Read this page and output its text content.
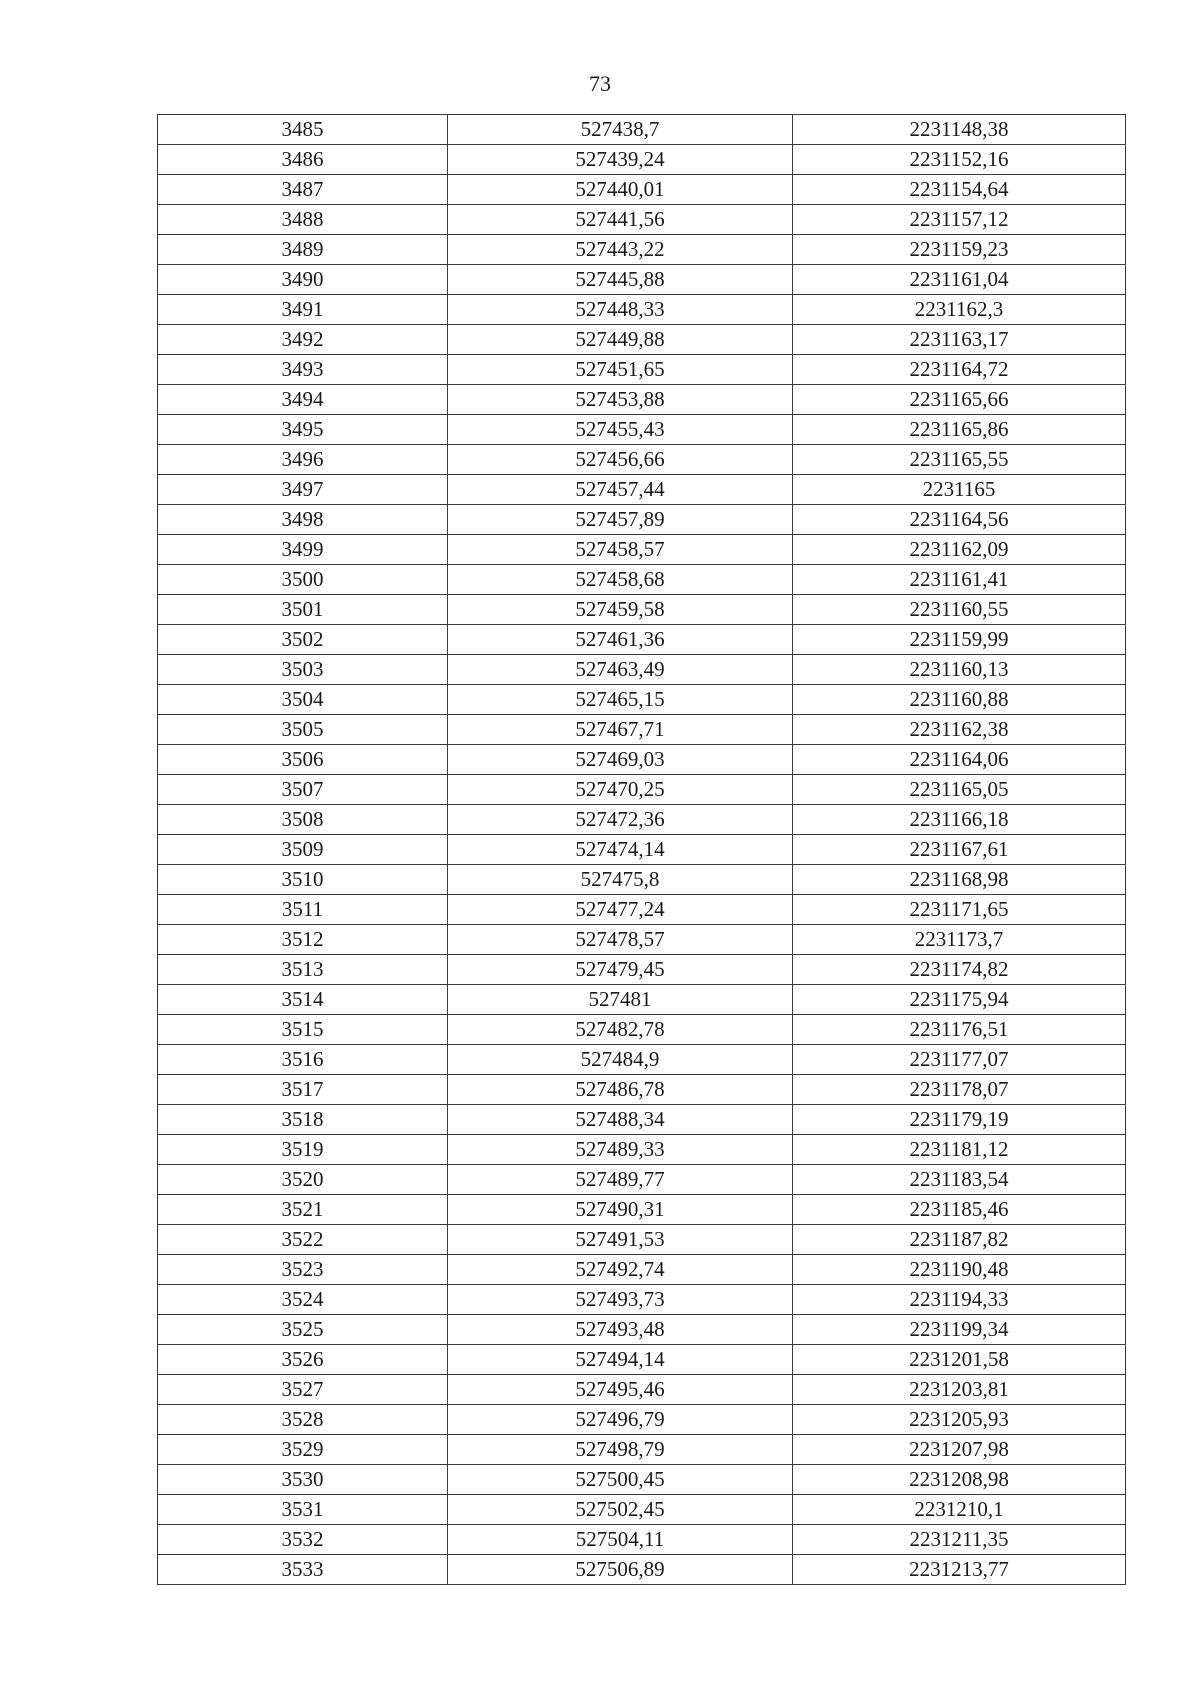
73
3485	527438,7	2231148,38
3486	527439,24	2231152,16
3487	527440,01	2231154,64
3488	527441,56	2231157,12
3489	527443,22	2231159,23
3490	527445,88	2231161,04
3491	527448,33	2231162,3
3492	527449,88	2231163,17
3493	527451,65	2231164,72
3494	527453,88	2231165,66
3495	527455,43	2231165,86
3496	527456,66	2231165,55
3497	527457,44	2231165
3498	527457,89	2231164,56
3499	527458,57	2231162,09
3500	527458,68	2231161,41
3501	527459,58	2231160,55
3502	527461,36	2231159,99
3503	527463,49	2231160,13
3504	527465,15	2231160,88
3505	527467,71	2231162,38
3506	527469,03	2231164,06
3507	527470,25	2231165,05
3508	527472,36	2231166,18
3509	527474,14	2231167,61
3510	527475,8	2231168,98
3511	527477,24	2231171,65
3512	527478,57	2231173,7
3513	527479,45	2231174,82
3514	527481	2231175,94
3515	527482,78	2231176,51
3516	527484,9	2231177,07
3517	527486,78	2231178,07
3518	527488,34	2231179,19
3519	527489,33	2231181,12
3520	527489,77	2231183,54
3521	527490,31	2231185,46
3522	527491,53	2231187,82
3523	527492,74	2231190,48
3524	527493,73	2231194,33
3525	527493,48	2231199,34
3526	527494,14	2231201,58
3527	527495,46	2231203,81
3528	527496,79	2231205,93
3529	527498,79	2231207,98
3530	527500,45	2231208,98
3531	527502,45	2231210,1
3532	527504,11	2231211,35
3533	527506,89	2231213,77
